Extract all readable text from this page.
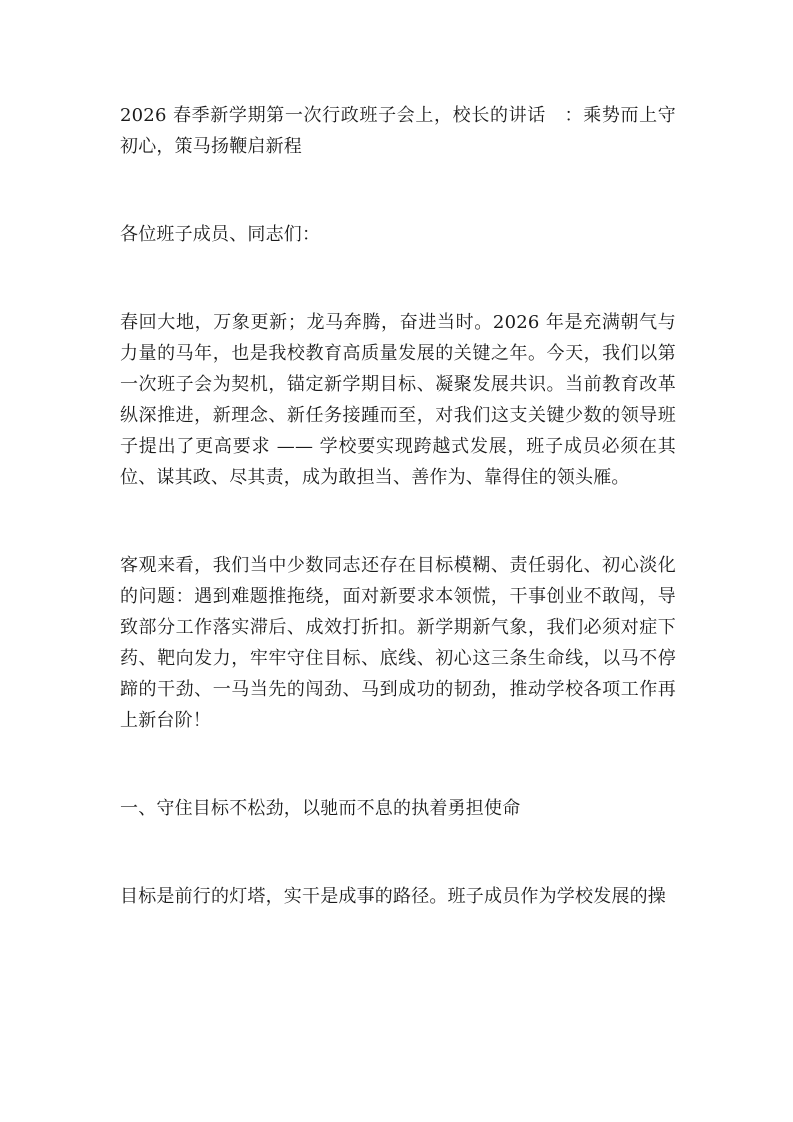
2026 春季新学期第一次行政班子会上，校长的讲话　：乘势而上守初心，策马扬鞭启新程

各位班子成员、同志们：

春回大地，万象更新；龙马奔腾，奋进当时。2026 年是充满朝气与力量的马年，也是我校教育高质量发展的关键之年。今天，我们以第一次班子会为契机，锚定新学期目标、凝聚发展共识。当前教育改革纵深推进，新理念、新任务接踵而至，对我们这支关键少数的领导班子提出了更高要求 —— 学校要实现跨越式发展，班子成员必须在其位、谋其政、尽其责，成为敢担当、善作为、靠得住的领头雁。

客观来看，我们当中少数同志还存在目标模糊、责任弱化、初心淡化的问题：遇到难题推拖绕，面对新要求本领慌，干事创业不敢闯，导致部分工作落实滞后、成效打折扣。新学期新气象，我们必须对症下药、靶向发力，牢牢守住目标、底线、初心这三条生命线，以马不停蹄的干劲、一马当先的闯劲、马到成功的韧劲，推动学校各项工作再上新台阶！

一、守住目标不松劲，以驰而不息的执着勇担使命

目标是前行的灯塔，实干是成事的路径。班子成员作为学校发展的操
